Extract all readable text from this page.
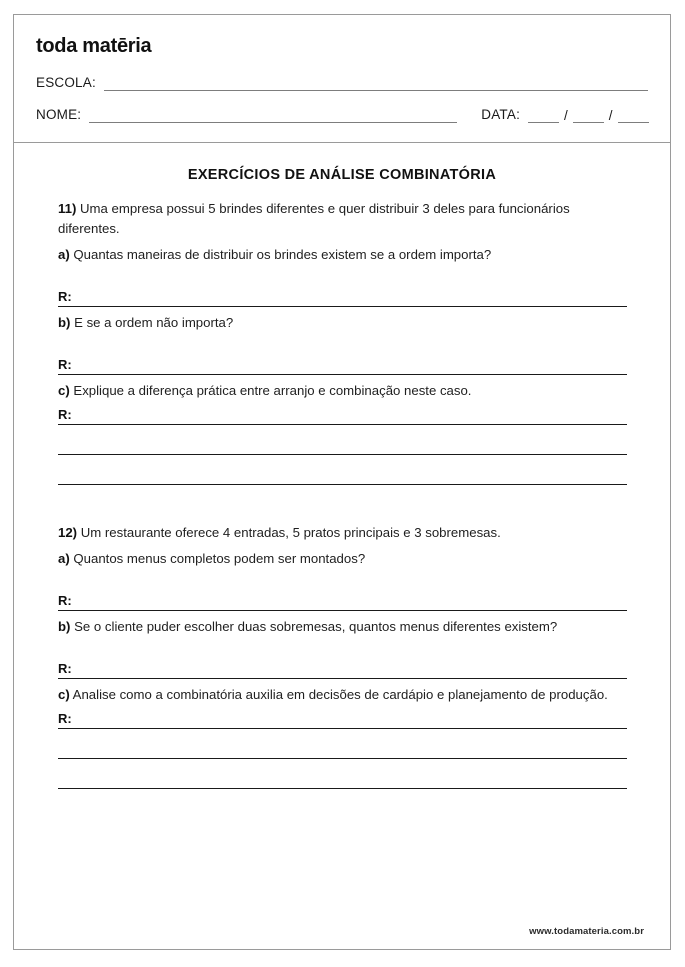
toda matēria
ESCOLA:
NOME:	DATA:	/	/
EXERCÍCIOS DE ANÁLISE COMBINATÓRIA

11) Uma empresa possui 5 brindes diferentes e quer distribuir 3 deles para funcionários diferentes.

a) Quantas maneiras de distribuir os brindes existem se a ordem importa?

R:

b) E se a ordem não importa?

R:

c) Explique a diferença prática entre arranjo e combinação neste caso.

R:

12) Um restaurante oferece 4 entradas, 5 pratos principais e 3 sobremesas.

a) Quantos menus completos podem ser montados?

R:

b) Se o cliente puder escolher duas sobremesas, quantos menus diferentes existem?

R:

c) Analise como a combinatória auxilia em decisões de cardápio e planejamento de produção.

R:
www.todamateria.com.br
